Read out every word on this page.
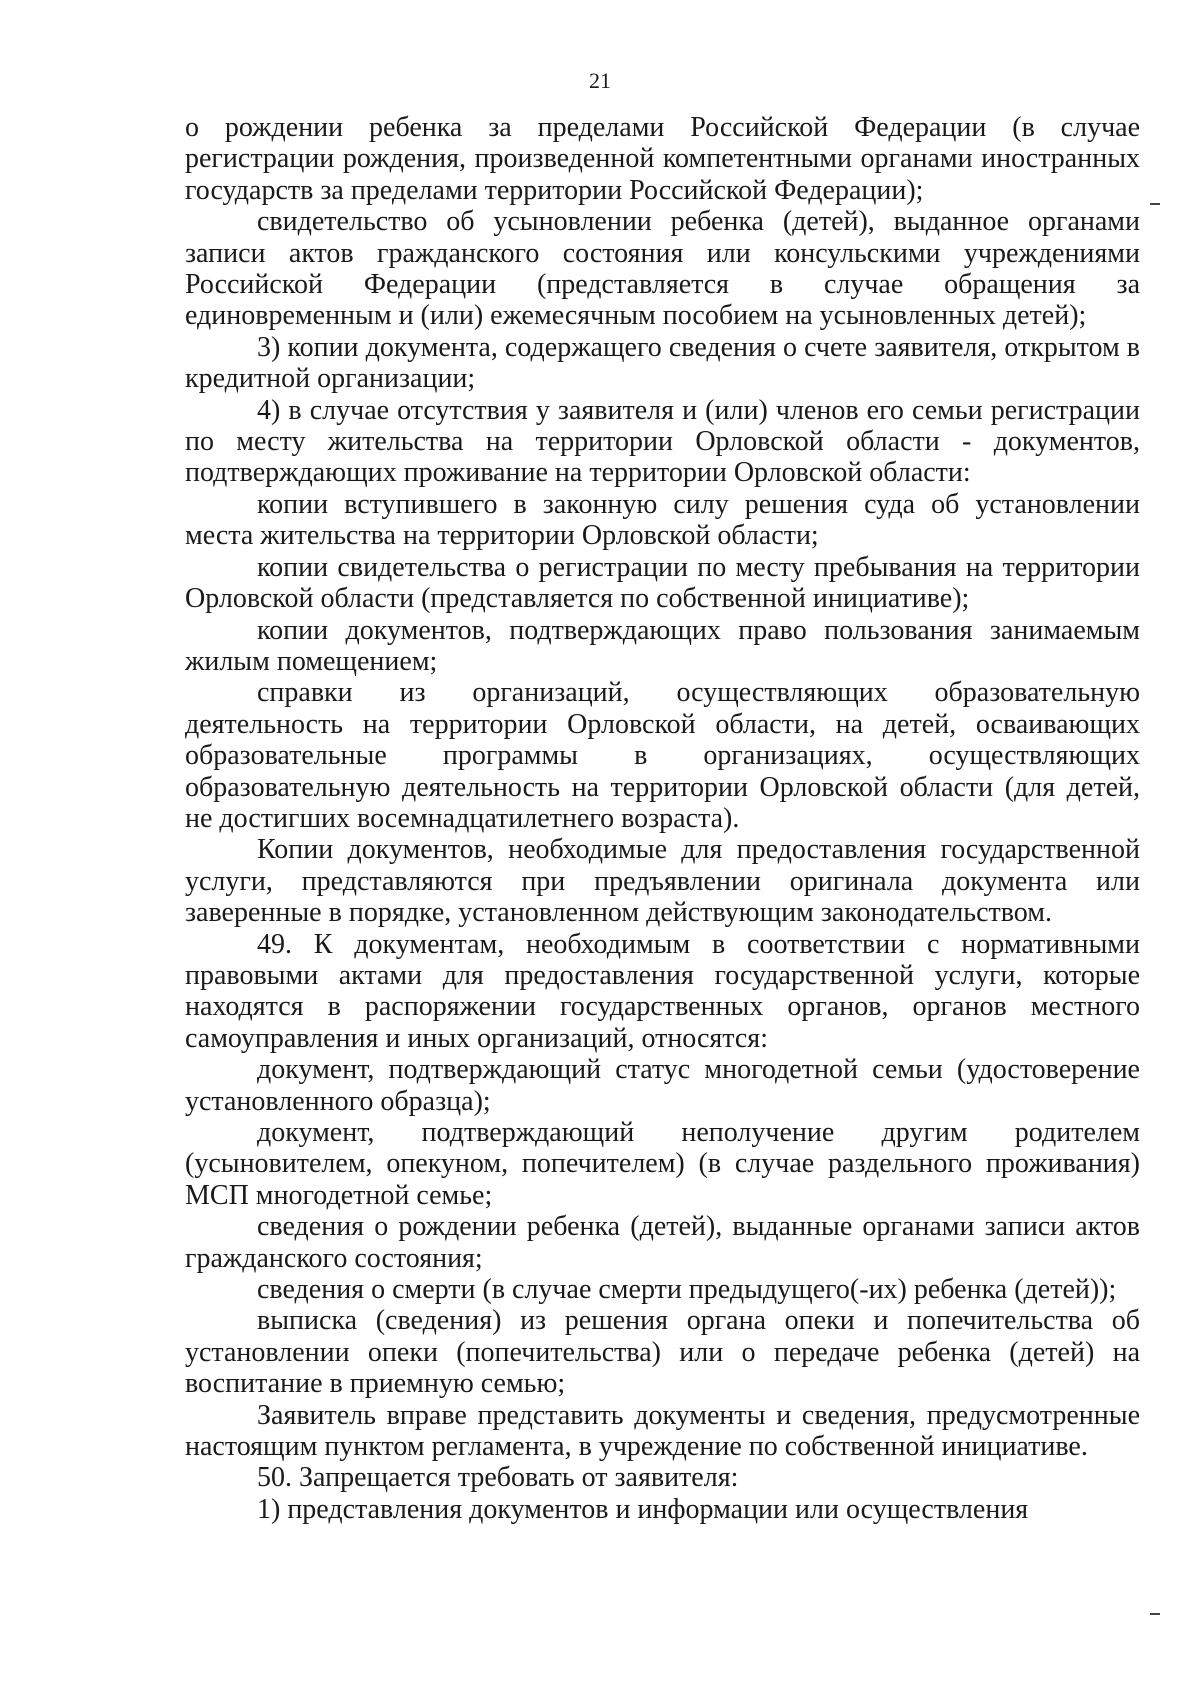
21

о рождении ребенка за пределами Российской Федерации (в случае регистрации рождения, произведенной компетентными органами иностранных государств за пределами территории Российской Федерации);

свидетельство об усыновлении ребенка (детей), выданное органами записи актов гражданского состояния или консульскими учреждениями Российской Федерации (представляется в случае обращения за единовременным и (или) ежемесячным пособием на усыновленных детей);

3) копии документа, содержащего сведения о счете заявителя, открытом в кредитной организации;

4) в случае отсутствия у заявителя и (или) членов его семьи регистрации по месту жительства на территории Орловской области - документов, подтверждающих проживание на территории Орловской области:

копии вступившего в законную силу решения суда об установлении места жительства на территории Орловской области;

копии свидетельства о регистрации по месту пребывания на территории Орловской области (представляется по собственной инициативе);

копии документов, подтверждающих право пользования занимаемым жилым помещением;

справки из организаций, осуществляющих образовательную деятельность на территории Орловской области, на детей, осваивающих образовательные программы в организациях, осуществляющих образовательную деятельность на территории Орловской области (для детей, не достигших восемнадцатилетнего возраста).

Копии документов, необходимые для предоставления государственной услуги, представляются при предъявлении оригинала документа или заверенные в порядке, установленном действующим законодательством.

49. К документам, необходимым в соответствии с нормативными правовыми актами для предоставления государственной услуги, которые находятся в распоряжении государственных органов, органов местного самоуправления и иных организаций, относятся:

документ, подтверждающий статус многодетной семьи (удостоверение установленного образца);

документ, подтверждающий неполучение другим родителем (усыновителем, опекуном, попечителем) (в случае раздельного проживания) МСП многодетной семье;

сведения о рождении ребенка (детей), выданные органами записи актов гражданского состояния;

сведения о смерти (в случае смерти предыдущего(-их) ребенка (детей));

выписка (сведения) из решения органа опеки и попечительства об установлении опеки (попечительства) или о передаче ребенка (детей) на воспитание в приемную семью;

Заявитель вправе представить документы и сведения, предусмотренные настоящим пунктом регламента, в учреждение по собственной инициативе.

50. Запрещается требовать от заявителя:

1) представления документов и информации или осуществления
